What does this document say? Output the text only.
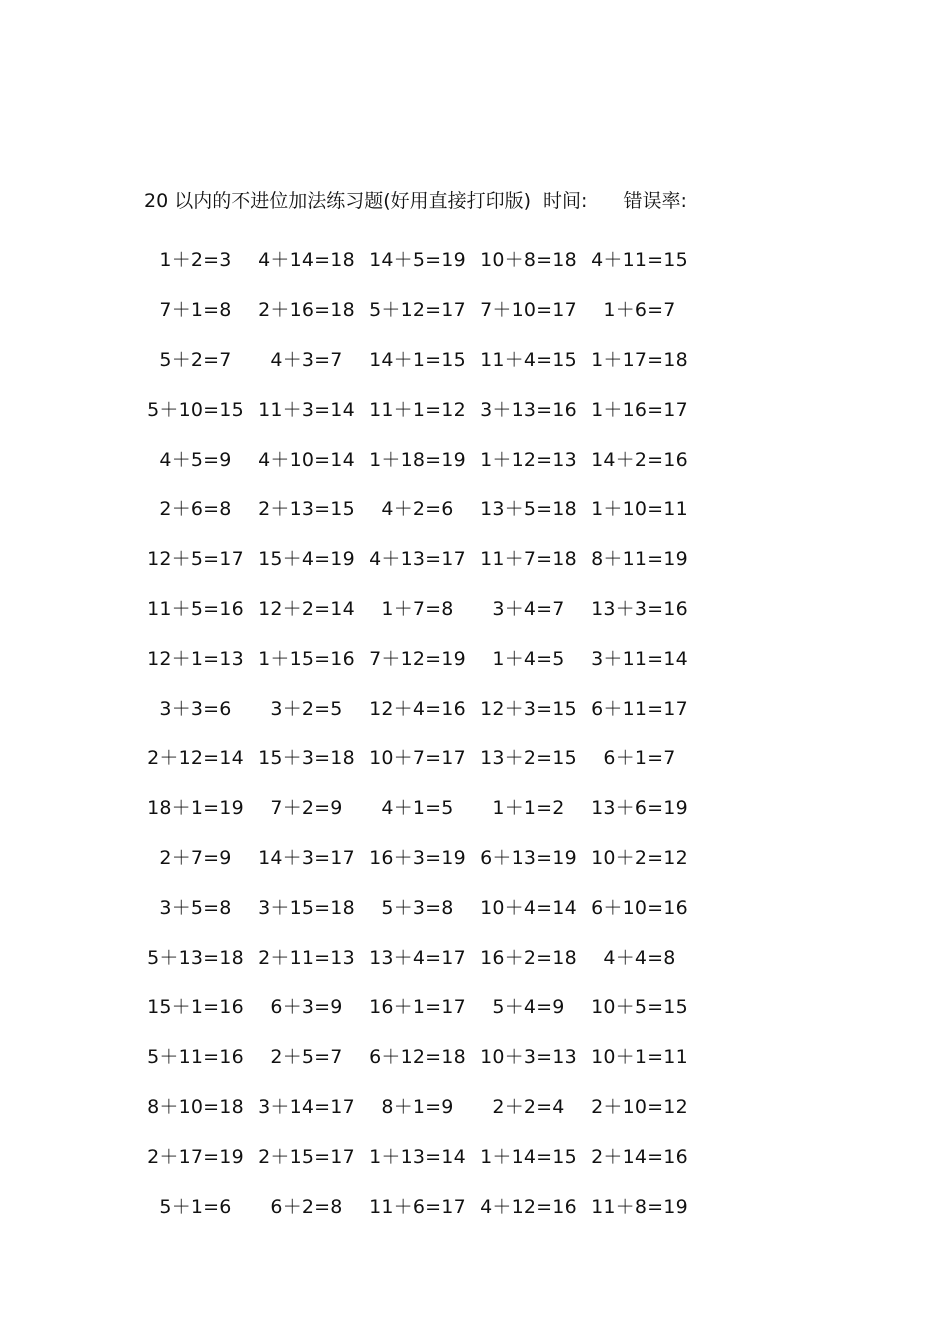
20 以内的不进位加法练习题(好用直接打印版) 时间: 错误率:
1＋2=3	4＋14=18 14＋5=19 10＋8=18 4＋11=15
7＋1=8	2＋16=18 5＋12=17 7＋10=17	1＋6=7
5＋2=7	4＋3=7	14＋1=15 11＋4=15 1＋17=18
5＋10=15 11＋3=14 11＋1=12 3＋13=16 1＋16=17
4＋5=9	4＋10=14 1＋18=19 1＋12=13 14＋2=16
2＋6=8	2＋13=15	4＋2=6	13＋5=18 1＋10=11
12＋5=17 15＋4=19 4＋13=17 11＋7=18 8＋11=19
11＋5=16 12＋2=14	1＋7=8	3＋4=7	13＋3=16
12＋1=13 1＋15=16 7＋12=19	1＋4=5	3＋11=14
3＋3=6	3＋2=5	12＋4=16 12＋3=15 6＋11=17
2＋12=14 15＋3=18 10＋7=17 13＋2=15	6＋1=7
18＋1=19	7＋2=9	4＋1=5	1＋1=2	13＋6=19
2＋7=9	14＋3=17 16＋3=19 6＋13=19 10＋2=12
3＋5=8	3＋15=18	5＋3=8	10＋4=14 6＋10=16
5＋13=18 2＋11=13 13＋4=17 16＋2=18	4＋4=8
15＋1=16	6＋3=9	16＋1=17	5＋4=9	10＋5=15
5＋11=16	2＋5=7	6＋12=18 10＋3=13 10＋1=11
8＋10=18 3＋14=17	8＋1=9	2＋2=4	2＋10=12
2＋17=19 2＋15=17 1＋13=14 1＋14=15 2＋14=16
5＋1=6	6＋2=8	11＋6=17 4＋12=16 11＋8=19
